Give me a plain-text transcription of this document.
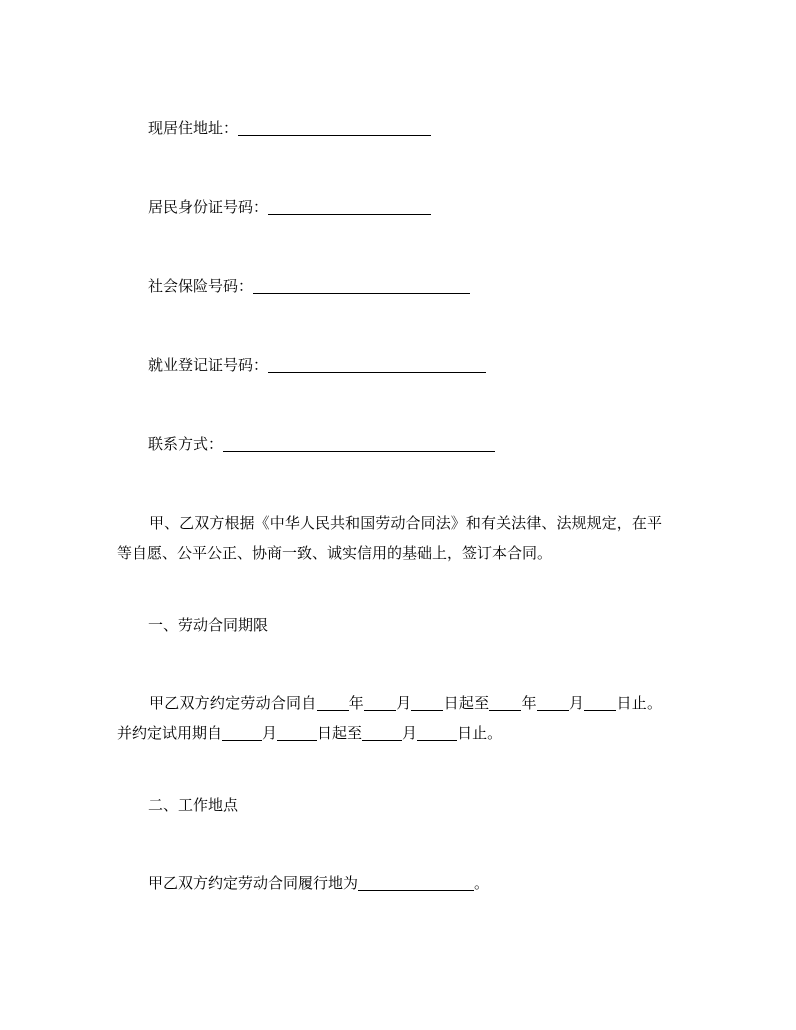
现居住地址：
居民身份证号码：
社会保险号码：
就业登记证号码：
联系方式：
甲、乙双方根据《中华人民共和国劳动合同法》和有关法律、法规规定，在平等自愿、公平公正、协商一致、诚实信用的基础上，签订本合同。
一、劳动合同期限
甲乙双方约定劳动合同自 年 月 日起至 年 月 日止。并约定试用期自	月	日起至	月	日止。
二、工作地点
甲乙双方约定劳动合同履行地为	。
